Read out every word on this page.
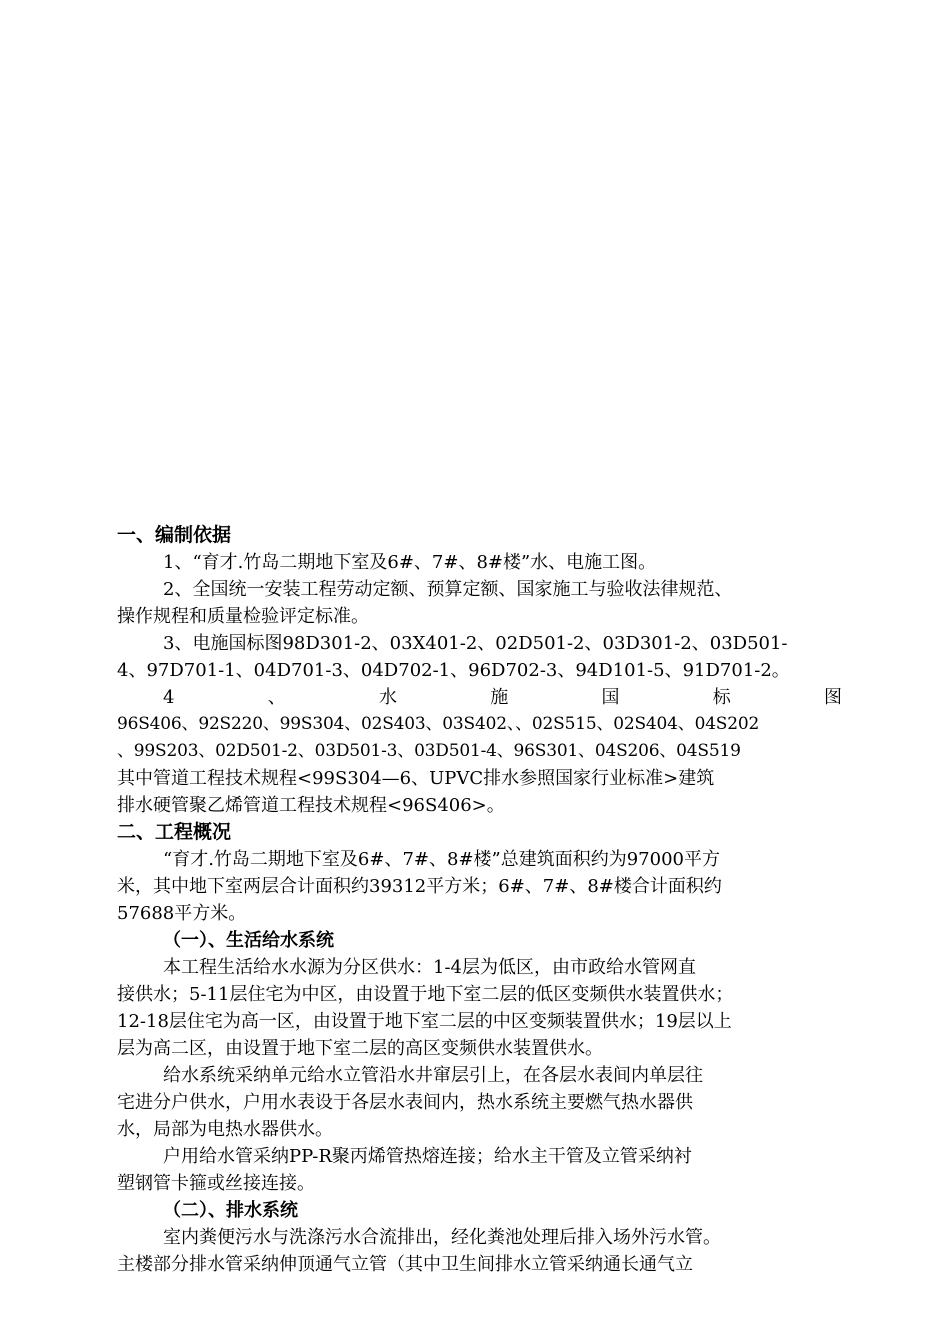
一、编制依据

1、“育才.竹岛二期地下室及6#、7#、8#楼”水、电施工图。

2、全国统一安装工程劳动定额、预算定额、国家施工与验收法律规范、

操作规程和质量检验评定标准。

3、电施国标图98D301-2、03X401-2、02D501-2、03D301-2、03D501-

4、97D701-1、04D701-3、04D702-1、96D702-3、94D101-5、91D701-2。

4	、	水	施	国	标	图

96S406、92S220、99S304、02S403、03S402、、02S515、02S404、04S202

、99S203、02D501-2、03D501-3、03D501-4、96S301、04S206、04S519

其中管道工程技术规程<99S304—6、UPVC排水参照国家行业标准>建筑

排水硬管聚乙烯管道工程技术规程<96S406>。

二、工程概况

“育才.竹岛二期地下室及6#、7#、8#楼”总建筑面积约为97000平方

米，其中地下室两层合计面积约39312平方米；6#、7#、8#楼合计面积约

57688平方米。

（一）、生活给水系统

本工程生活给水水源为分区供水：1-4层为低区，由市政给水管网直

接供水；5-11层住宅为中区，由设置于地下室二层的低区变频供水装置供水；

12-18层住宅为高一区，由设置于地下室二层的中区变频装置供水；19层以上

层为高二区，由设置于地下室二层的高区变频供水装置供水。

给水系统采纳单元给水立管沿水井窜层引上，在各层水表间内单层往

宅进分户供水，户用水表设于各层水表间内，热水系统主要燃气热水器供

水，局部为电热水器供水。

户用给水管采纳PP-R聚丙烯管热熔连接；给水主干管及立管采纳衬

塑钢管卡箍或丝接连接。

（二）、排水系统

室内粪便污水与洗涤污水合流排出，经化粪池处理后排入场外污水管。

主楼部分排水管采纳伸顶通气立管（其中卫生间排水立管采纳通长通气立
